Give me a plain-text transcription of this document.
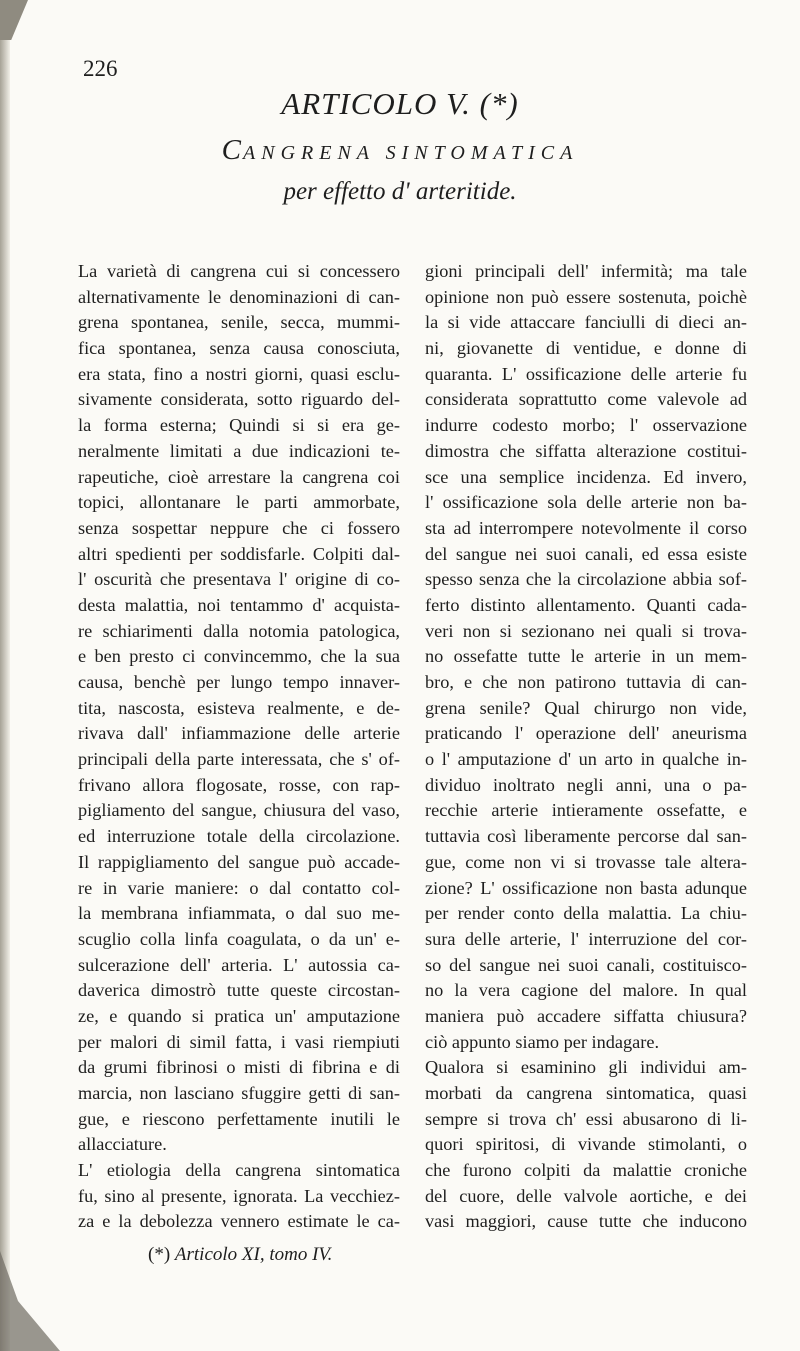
226
ARTICOLO V. (*)
CANGRENA SINTOMATICA
per effetto d' arteritide.
La varietà di cangrena cui si concessero
alternativamente le denominazioni di can-
grena spontanea, senile, secca, mummi-
fica spontanea, senza causa conosciuta,
era stata, fino a nostri giorni, quasi esclu-
sivamente considerata, sotto riguardo del-
la forma esterna; Quindi si si era ge-
neralmente limitati a due indicazioni te-
rapeutiche, cioè arrestare la cangrena coi
topici, allontanare le parti ammorbate,
senza sospettar neppure che ci fossero
altri spedienti per soddisfarle. Colpiti dal-
l' oscurità che presentava l' origine di co-
desta malattia, noi tentammo d' acquista-
re schiarimenti dalla notomia patologica,
e ben presto ci convincemmo, che la sua
causa, benchè per lungo tempo innaver-
tita, nascosta, esisteva realmente, e de-
rivava dall' infiammazione delle arterie
principali della parte interessata, che s' of-
frivano allora flogosate, rosse, con rap-
pigliamento del sangue, chiusura del vaso,
ed interruzione totale della circolazione.
Il rappigliamento del sangue può accade-
re in varie maniere: o dal contatto col-
la membrana infiammata, o dal suo me-
scuglio colla linfa coagulata, o da un' e-
sulcerazione dell' arteria. L' autossia ca-
daverica dimostrò tutte queste circostan-
ze, e quando si pratica un' amputazione
per malori di simil fatta, i vasi riempiuti
da grumi fibrinosi o misti di fibrina e di
marcia, non lasciano sfuggire getti di san-
gue, e riescono perfettamente inutili le
allacciature.
L' etiologia della cangrena sintomatica
fu, sino al presente, ignorata. La vecchiez-
za e la debolezza vennero estimate le ca-
gioni principali dell' infermità; ma tale
opinione non può essere sostenuta, poichè
la si vide attaccare fanciulli di dieci an-
ni, giovanette di ventidue, e donne di
quaranta. L' ossificazione delle arterie fu
considerata soprattutto come valevole ad
indurre codesto morbo; l' osservazione
dimostra che siffatta alterazione costitui-
sce una semplice incidenza. Ed invero,
l' ossificazione sola delle arterie non ba-
sta ad interrompere notevolmente il corso
del sangue nei suoi canali, ed essa esiste
spesso senza che la circolazione abbia sof-
ferto distinto allentamento. Quanti cada-
veri non si sezionano nei quali si trova-
no ossefatte tutte le arterie in un mem-
bro, e che non patirono tuttavia di can-
grena senile? Qual chirurgo non vide,
praticando l' operazione dell' aneurisma
o l' amputazione d' un arto in qualche in-
dividuo inoltrato negli anni, una o pa-
recchie arterie intieramente ossefatte, e
tuttavia così liberamente percorse dal san-
gue, come non vi si trovasse tale altera-
zione? L' ossificazione non basta adunque
per render conto della malattia. La chiu-
sura delle arterie, l' interruzione del cor-
so del sangue nei suoi canali, costituisco-
no la vera cagione del malore. In qual
maniera può accadere siffatta chiusura?
ciò appunto siamo per indagare.
Qualora si esaminino gli individui am-
morbati da cangrena sintomatica, quasi
sempre si trova ch' essi abusarono di li-
quori spiritosi, di vivande stimolanti, o
che furono colpiti da malattie croniche
del cuore, delle valvole aortiche, e dei
vasi maggiori, cause tutte che inducono
(*) Articolo XI, tomo IV.
